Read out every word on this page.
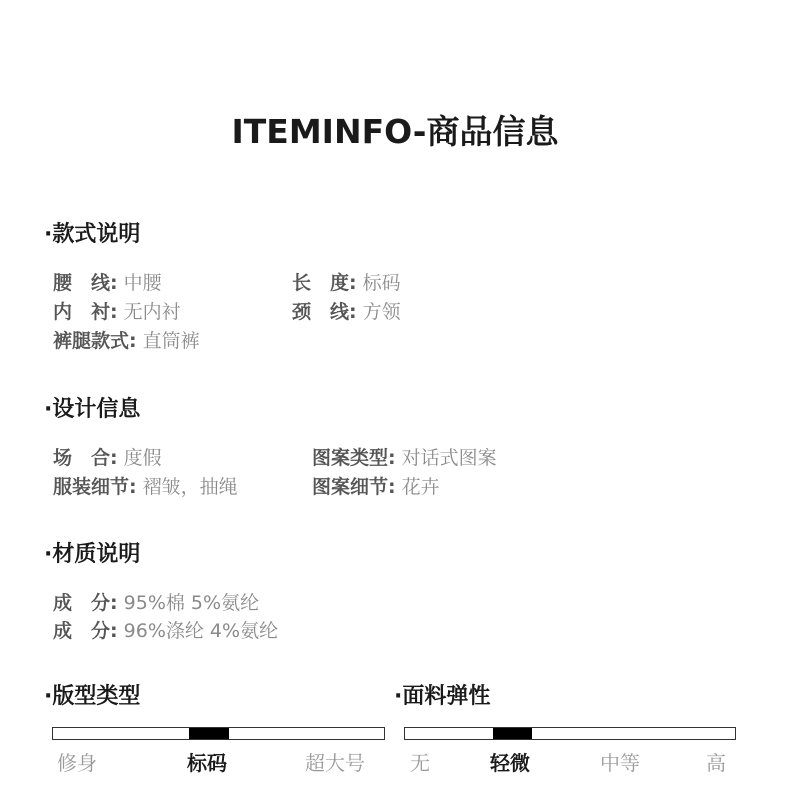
ITEMINFO-商品信息
·款式说明
腰　线: 中腰	长　度: 标码
内　衬: 无内衬	颈　线: 方领
裤腿款式: 直筒裤
·设计信息
场　合: 度假	图案类型: 对话式图案
服装细节: 褶皱，抽绳	图案细节: 花卉
·材质说明
成　分: 95%棉 5%氨纶
成　分: 96%涤纶 4%氨纶
·版型类型
修身	标码	超大号
·面料弹性
无	轻微	中等	高
